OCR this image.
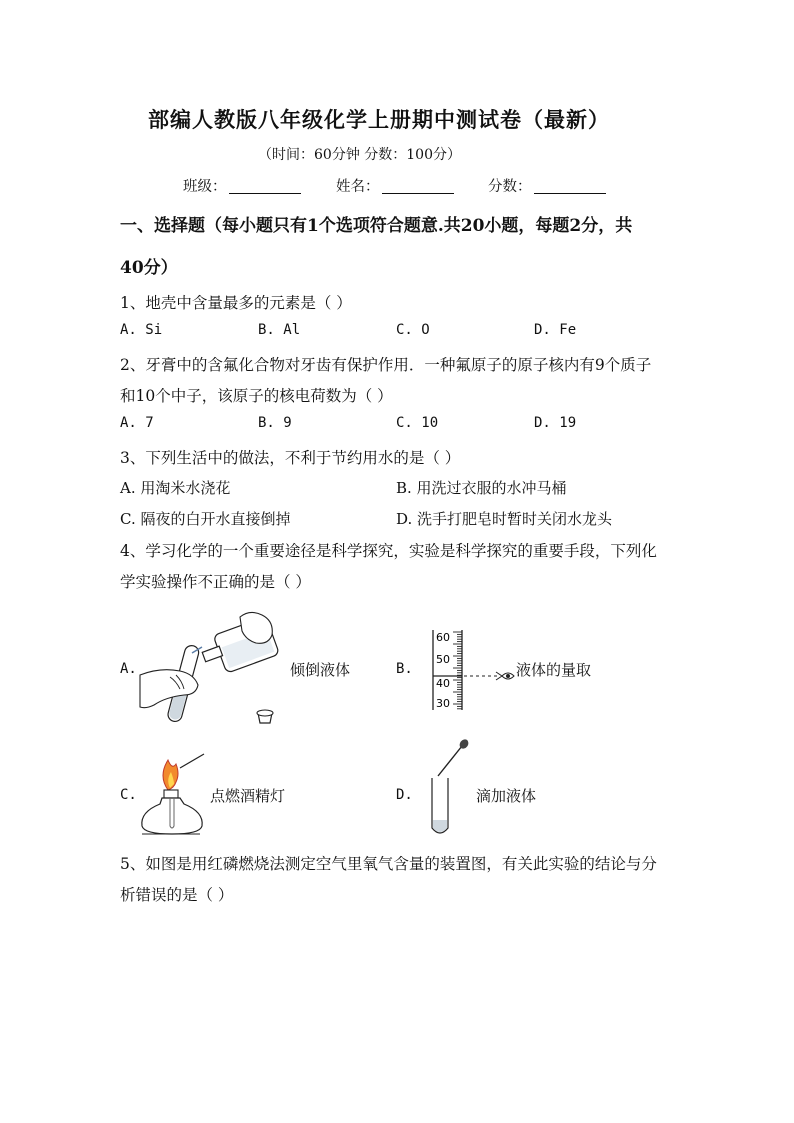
部编人教版八年级化学上册期中测试卷（最新）
（时间：60分钟 分数：100分）
班级：	姓名：	分数：
一、选择题（每小题只有1个选项符合题意.共20小题，每题2分，共
40分）
1、地壳中含量最多的元素是（ ）
A. Si	B. Al	C. O	D. Fe
2、牙膏中的含氟化合物对牙齿有保护作用．一种氟原子的原子核内有9个质子
和10个中子，该原子的核电荷数为（ ）
A. 7	B. 9	C. 10	D. 19
3、下列生活中的做法，不利于节约用水的是（ ）
A. 用淘米水浇花	B. 用洗过衣服的水冲马桶
C. 隔夜的白开水直接倒掉	D. 洗手打肥皂时暂时关闭水龙头
4、学习化学的一个重要途径是科学探究，实验是科学探究的重要手段，下列化
学实验操作不正确的是（ ）
A.	倾倒液体	B.
60
50
40
30
液体的量取
C.	点燃酒精灯	D.	滴加液体
5、如图是用红磷燃烧法测定空气里氧气含量的装置图，有关此实验的结论与分
析错误的是（ ）
